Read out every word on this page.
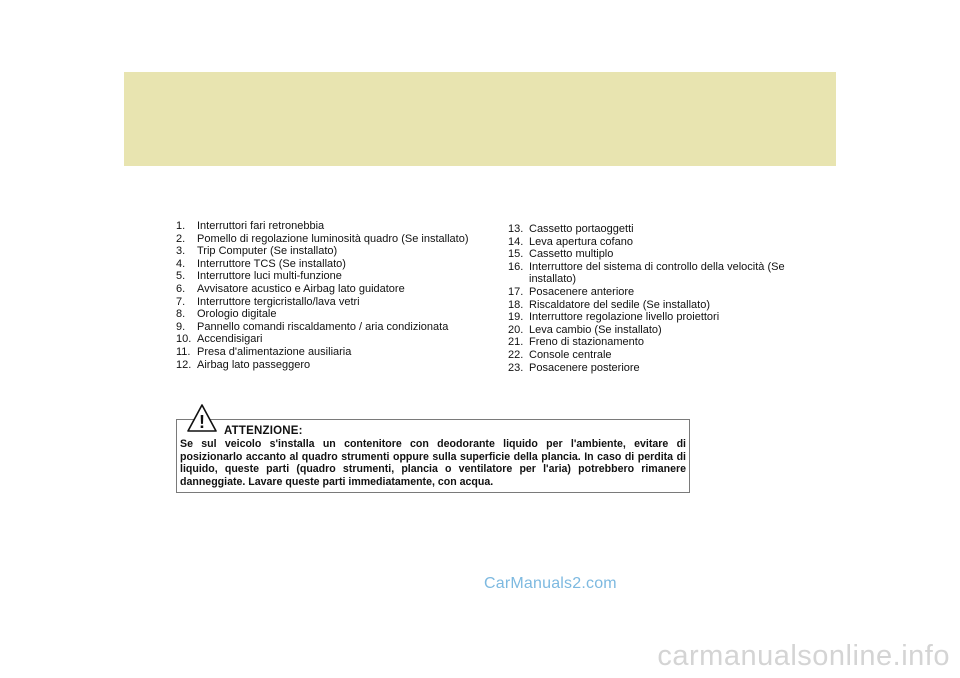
1.	Interruttori fari retronebbia
2.	Pomello di regolazione luminosità quadro (Se installato)
3.	Trip Computer (Se installato)
4.	Interruttore TCS (Se installato)
5.	Interruttore luci multi-funzione
6.	Avvisatore acustico e Airbag lato guidatore
7.	Interruttore tergicristallo/lava vetri
8.	Orologio digitale
9.	Pannello comandi riscaldamento / aria condizionata
10. Accendisigari
11. Presa d'alimentazione ausiliaria
12. Airbag lato passeggero
13. Cassetto portaoggetti
14. Leva apertura cofano
15. Cassetto multiplo
16. Interruttore del sistema di controllo della velocità (Se installato)
17. Posacenere anteriore
18. Riscaldatore del sedile (Se installato)
19. Interruttore regolazione livello proiettori
20. Leva cambio (Se installato)
21. Freno di stazionamento
22. Console centrale
23. Posacenere posteriore
! ATTENZIONE:

Se sul veicolo s'installa un contenitore con deodorante liquido per l'ambiente, evitare di posizionarlo accanto al quadro strumenti oppure sulla superficie della plancia. In caso di perdita di liquido, queste parti (quadro strumenti, plancia o ventilatore per l'aria) potrebbero rimanere danneggiate. Lavare queste parti immediatamente, con acqua.

CarManuals2.com
carmanualsonline.info
